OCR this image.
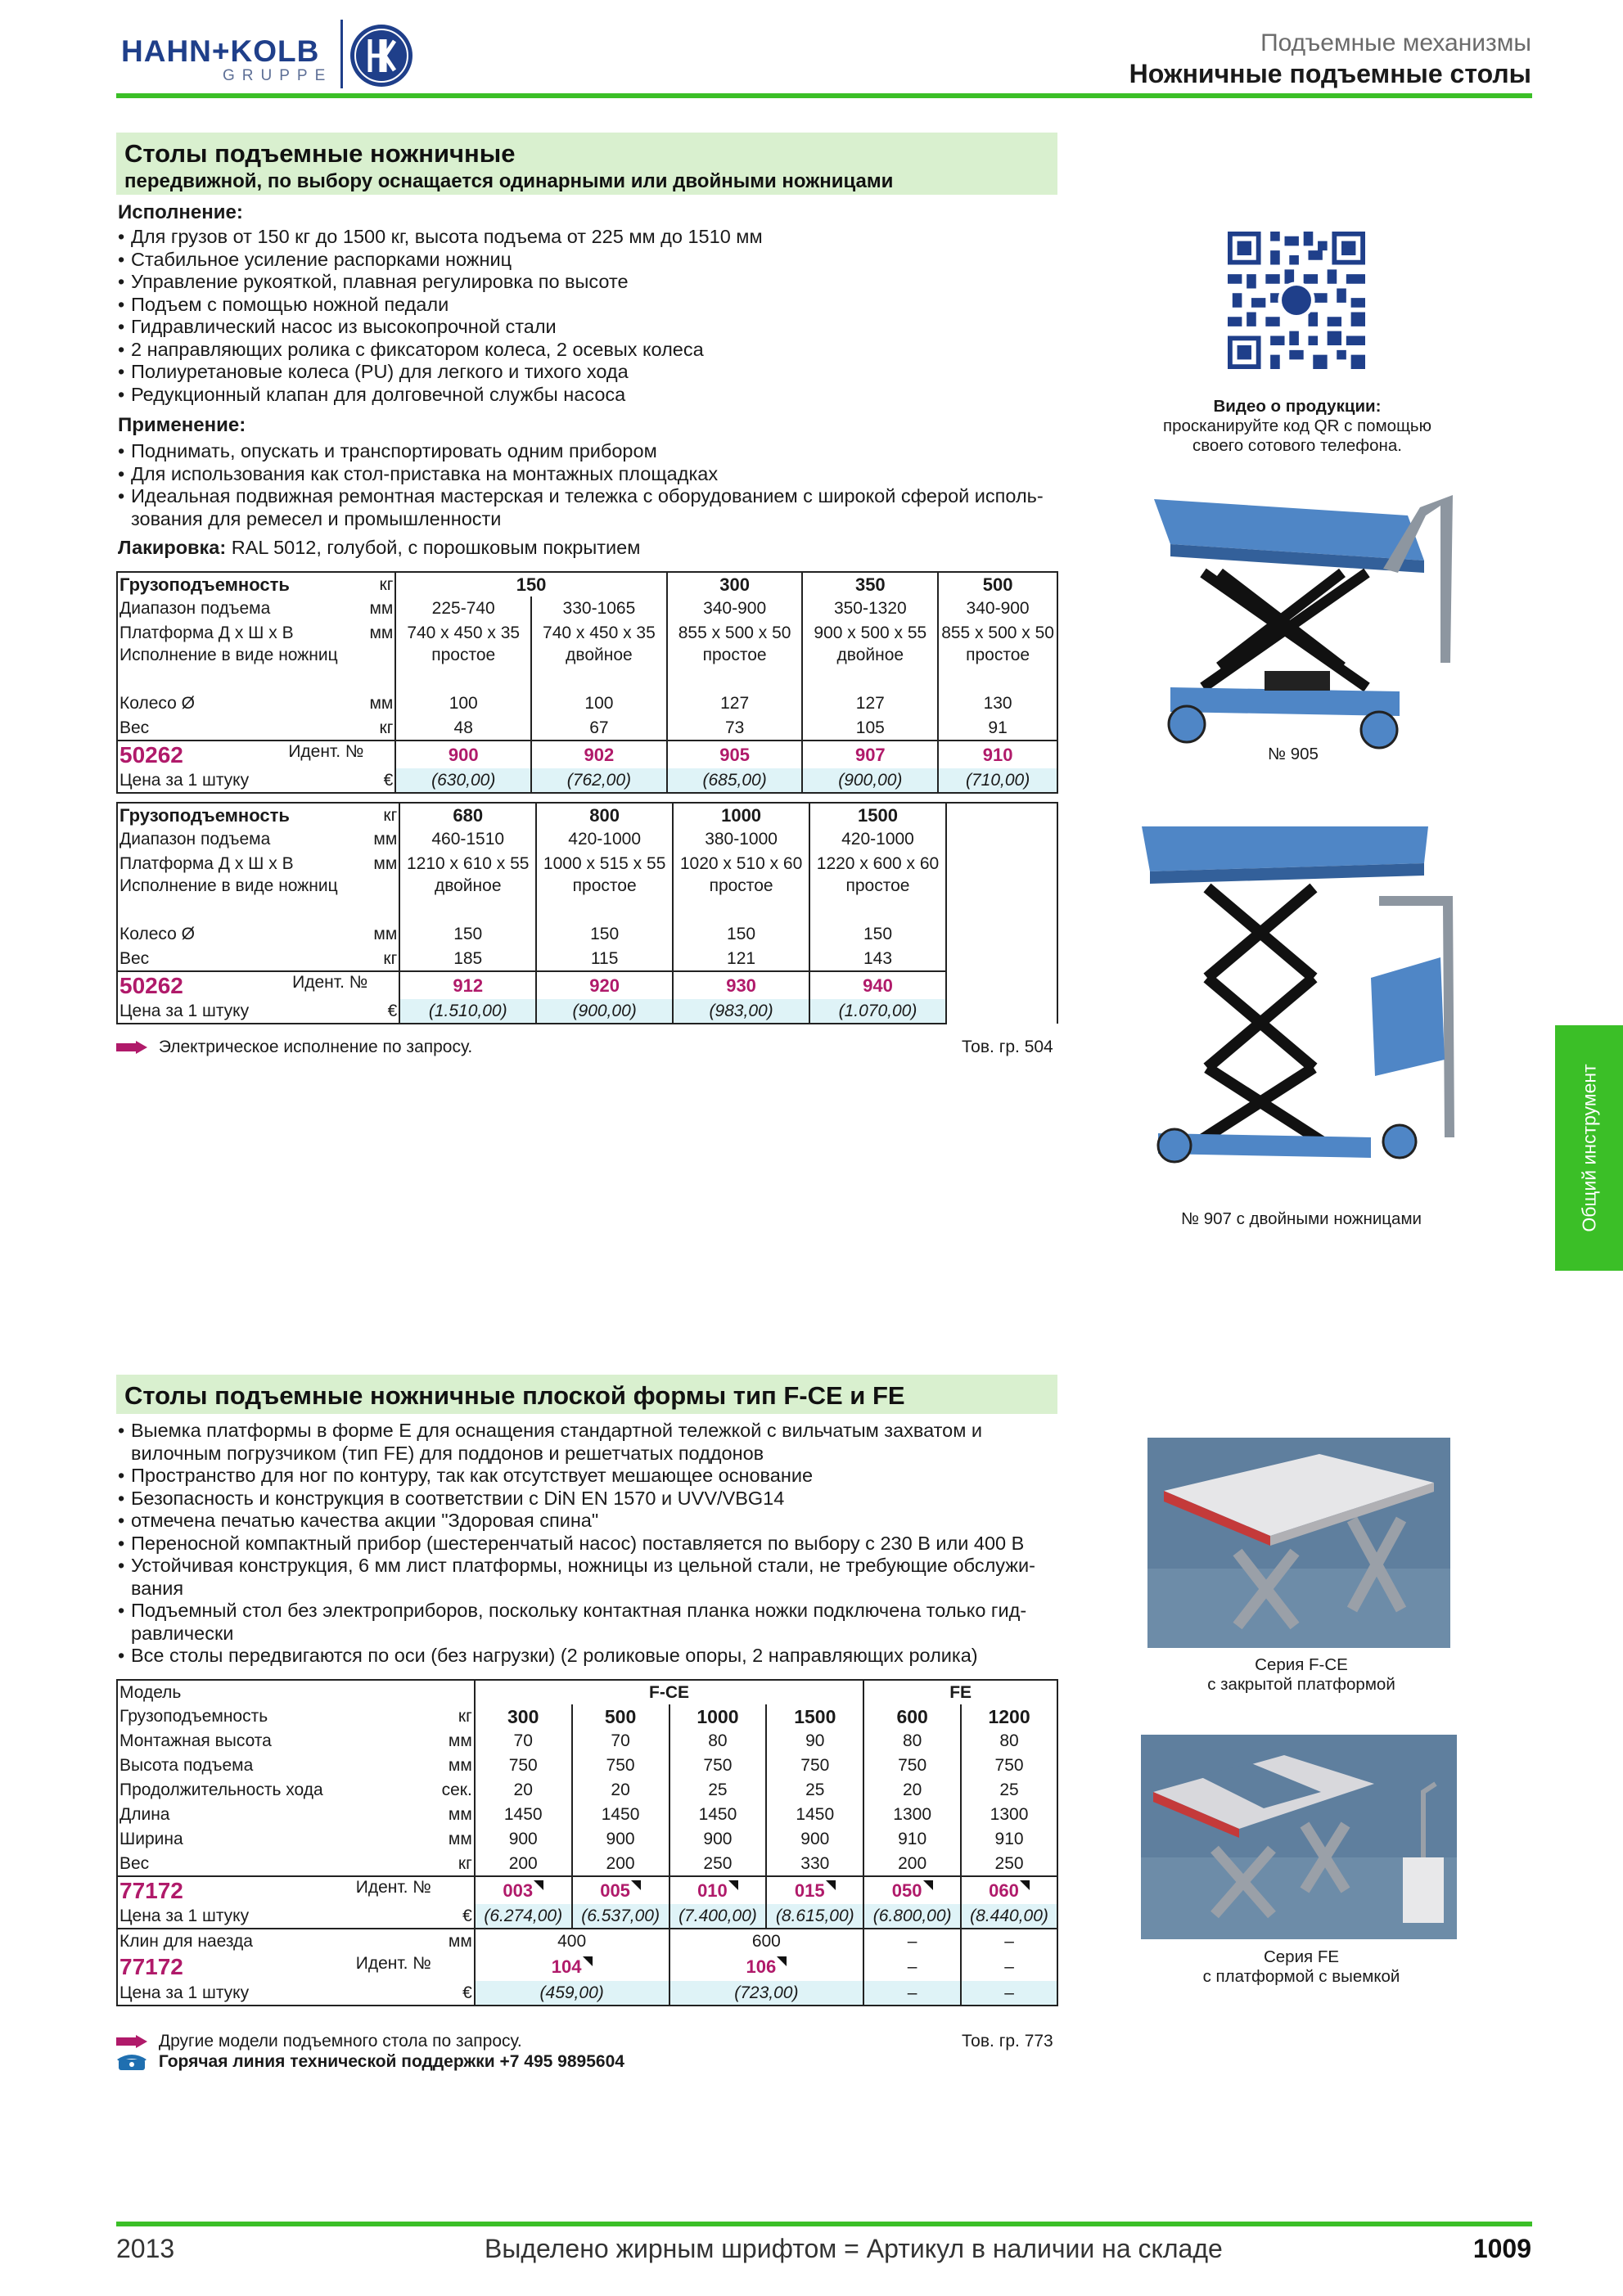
HAHN+KOLB
GRUPPE
Подъемные механизмы
Ножничные подъемные столы
Столы подъемные ножничные
передвижной, по выбору оснащается одинарными или двойными ножницами
Исполнение:
• Для грузов от 150 кг до 1500 кг, высота подъема от 225 мм до 1510 мм
• Стабильное усиление распорками ножниц
• Управление рукояткой, плавная регулировка по высоте
• Подъем с помощью ножной педали
• Гидравлический насос из высокопрочной стали
• 2 направляющих ролика с фиксатором колеса, 2 осевых колеса
• Полиуретановые колеса (PU) для легкого и тихого хода
• Редукционный клапан для долговечной службы насоса
Применение:
• Поднимать, опускать и транспортировать одним прибором
• Для использования как стол-приставка на монтажных площадках
• Идеальная подвижная ремонтная мастерская и тележка с оборудованием с широкой сферой исполь-зования для ремесел и промышленности
Лакировка: RAL 5012, голубой, с порошковым покрытием
Грузоподъемность	кг	150		300	350	500
Диапазон подъема	мм	225-740	330-1065	340-900	350-1320	340-900
Платформа Д x Ш x В	мм	740 x 450 x 35	740 x 450 x 35	855 x 500 x 50	900 x 500 x 55	855 x 500 x 50
Исполнение в виде ножниц		простое	двойное	простое	двойное	простое
Колесо Ø	мм	100	100	127	127	130
Вес	кг	48	67	73	105	91
50262 Идент. №		900	902	905	907	910
Цена за 1 штуку	€	(630,00)	(762,00)	(685,00)	(900,00)	(710,00)
Грузоподъемность	кг	680	800	1000	1500	
Диапазон подъема	мм	460-1510	420-1000	380-1000	420-1000	
Платформа Д x Ш x В	мм	1210 x 610 x 55	1000 x 515 x 55	1020 x 510 x 60	1220 x 600 x 60	
Исполнение в виде ножниц		двойное	простое	простое	простое	
Колесо Ø	мм	150	150	150	150	
Вес	кг	185	115	121	143	
50262 Идент. №		912	920	930	940	
Цена за 1 штуку	€	(1.510,00)	(900,00)	(983,00)	(1.070,00)	
Электрическое исполнение по запросу.	Тов. гр. 504
Видео о продукции:
просканируйте код QR с помощью
своего сотового телефона.
№ 905
№ 907 с двойными ножницами	Общий инструмент
Столы подъемные ножничные плоской формы тип F-CE и FE
• Выемка платформы в форме E для оснащения стандартной тележкой с вильчатым захватом и вилочным погрузчиком (тип FE) для поддонов и решетчатых поддонов
• Пространство для ног по контуру, так как отсутствует мешающее основание
• Безопасность и конструкция в соответствии с DiN EN 1570 и UVV/VBG14
• отмечена печатью качества акции "Здоровая спина"
• Переносной компактный прибор (шестеренчатый насос) поставляется по выбору с 230 В или 400 В
• Устойчивая конструкция, 6 мм лист платформы, ножницы из цельной стали, не требующие обслужи-вания
• Подъемный стол без электроприборов, поскольку контактная планка ножки подключена только гид-равлически
• Все столы передвигаются по оси (без нагрузки) (2 роликовые опоры, 2 направляющих ролика)
Модель		F-CE				FE	
Грузоподъемность	кг	300	500	1000	1500	600	1200
Монтажная высота	мм	70	70	80	90	80	80
Высота подъема	мм	750	750	750	750	750	750
Продолжительность хода	сек.	20	20	25	25	20	25
Длина	мм	1450	1450	1450	1450	1300	1300
Ширина	мм	900	900	900	900	910	910
Вес	кг	200	200	250	330	200	250
77172 Идент. №		003	005	010	015	050	060
Цена за 1 штуку	€	(6.274,00)	(6.537,00)	(7.400,00)	(8.615,00)	(6.800,00)	(8.440,00)
Клин для наезда	мм	400		600		–	–
77172 Идент. №		104		106		–	–
Цена за 1 штуку	€	(459,00)		(723,00)		–	–
Другие модели подъемного стола по запросу.	Тов. гр. 773
Горячая линия технической поддержки +7 495 9895604
Серия F-CE
с закрытой платформой
Серия FE
с платформой с выемкой
2013	Выделено жирным шрифтом = Артикул в наличии на складе	1009
